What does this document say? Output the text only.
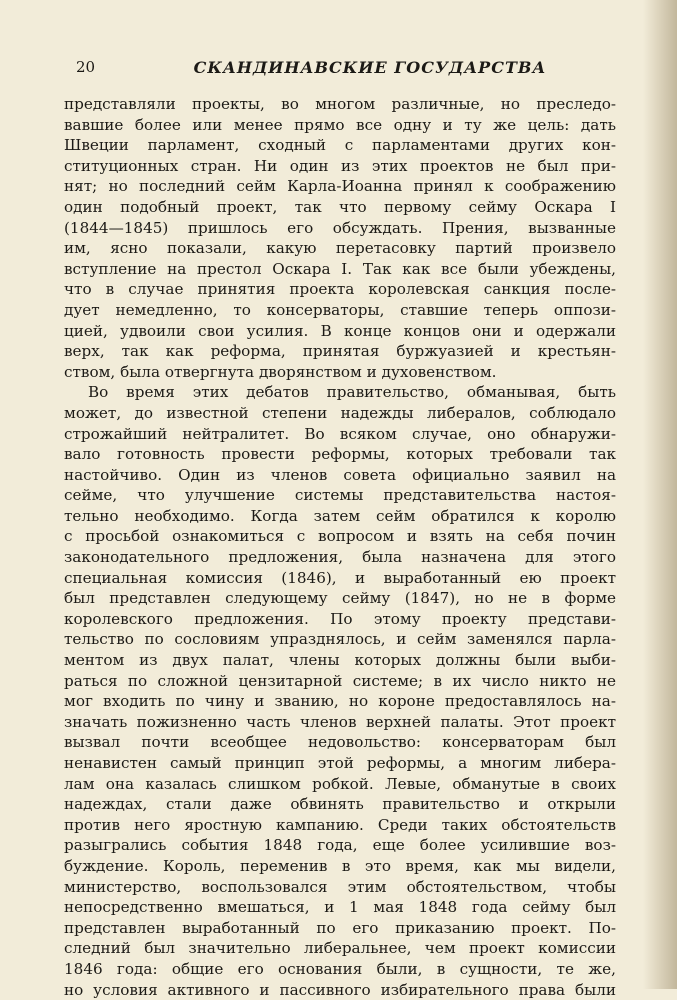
20	СКАНДИНАВСКИЕ ГОСУДАРСТВА
представляли проекты, во многом различные, но преследо-
вавшие более или менее прямо все одну и ту же цель: дать
Швеции парламент, сходный с парламентами других кон-
ституционных стран. Ни один из этих проектов не был при-
нят; но последний сейм Карла-Иоанна принял к соображению
один подобный проект, так что первому сейму Оскара I
(1844—1845) пришлось его обсуждать. Прения, вызванные
им, ясно показали, какую перетасовку партий произвело
вступление на престол Оскара I. Так как все были убеждены,
что в случае принятия проекта королевская санкция после-
дует немедленно, то консерваторы, ставшие теперь оппози-
цией, удвоили свои усилия. В конце концов они и одержали
верх, так как реформа, принятая буржуазией и крестьян-
ством, была отвергнута дворянством и духовенством.
Во время этих дебатов правительство, обманывая, быть
может, до известной степени надежды либералов, соблюдало
строжайший нейтралитет. Во всяком случае, оно обнаружи-
вало готовность провести реформы, которых требовали так
настойчиво. Один из членов совета официально заявил на
сейме, что улучшение системы представительства настоя-
тельно необходимо. Когда затем сейм обратился к королю
с просьбой ознакомиться с вопросом и взять на себя почин
законодательного предложения, была назначена для этого
специальная комиссия (1846), и выработанный ею проект
был представлен следующему сейму (1847), но не в форме
королевского предложения. По этому проекту представи-
тельство по сословиям упразднялось, и сейм заменялся парла-
ментом из двух палат, члены которых должны были выби-
раться по сложной цензитарной системе; в их число никто не
мог входить по чину и званию, но короне предоставлялось на-
значать пожизненно часть членов верхней палаты. Этот проект
вызвал почти всеобщее недовольство: консерваторам был
ненавистен самый принцип этой реформы, а многим либера-
лам она казалась слишком робкой. Левые, обманутые в своих
надеждах, стали даже обвинять правительство и открыли
против него яростную кампанию. Среди таких обстоятельств
разыгрались события 1848 года, еще более усилившие воз-
буждение. Король, переменив в это время, как мы видели,
министерство, воспользовался этим обстоятельством, чтобы
непосредственно вмешаться, и 1 мая 1848 года сейму был
представлен выработанный по его приказанию проект. По-
следний был значительно либеральнее, чем проект комиссии
1846 года: общие его основания были, в сущности, те же,
но условия активного и пассивного избирательного права были
